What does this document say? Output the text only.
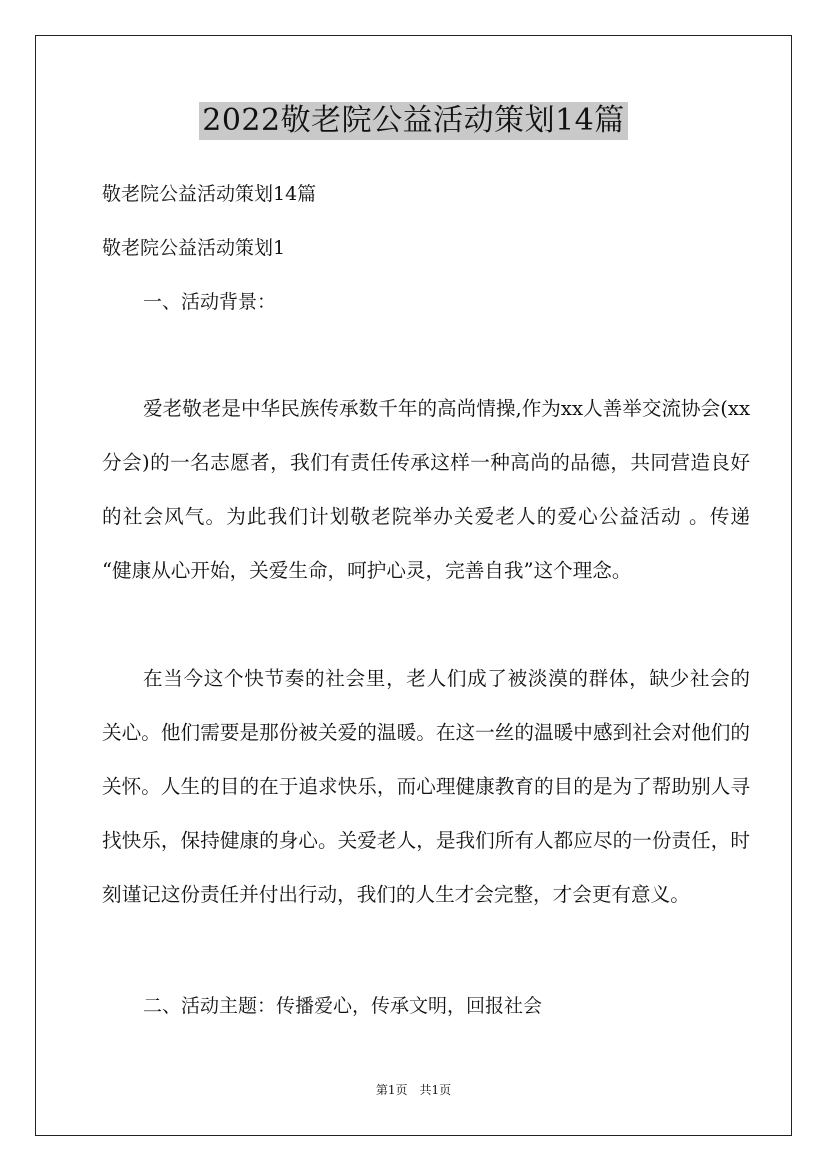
2022敬老院公益活动策划14篇
敬老院公益活动策划14篇
敬老院公益活动策划1
一、活动背景：
爱老敬老是中华民族传承数千年的高尚情操,作为xx人善举交流协会(xx分会)的一名志愿者，我们有责任传承这样一种高尚的品德，共同营造良好的社会风气。为此我们计划敬老院举办关爱老人的爱心公益活动 。传递 “健康从心开始，关爱生命，呵护心灵，完善自我”这个理念。
在当今这个快节奏的社会里，老人们成了被淡漠的群体，缺少社会的关心。他们需要是那份被关爱的温暖。在这一丝的温暖中感到社会对他们的关怀。人生的目的在于追求快乐，而心理健康教育的目的是为了帮助别人寻找快乐，保持健康的身心。关爱老人，是我们所有人都应尽的一份责任，时刻谨记这份责任并付出行动，我们的人生才会完整，才会更有意义。
二、活动主题：传播爱心，传承文明，回报社会
第1页　共1页
